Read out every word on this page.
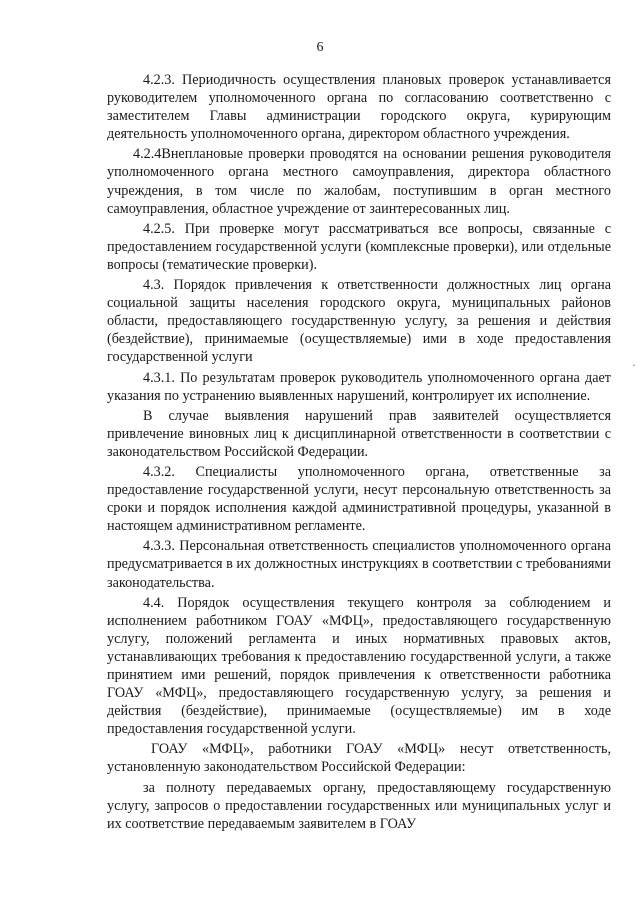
6

4.2.3. Периодичность осуществления плановых проверок устанавливается руководителем уполномоченного органа по согласованию соответственно с заместителем Главы администрации городского округа, курирующим деятельность уполномоченного органа, директором областного учреждения.

4.2.4Внеплановые проверки проводятся на основании решения руководителя уполномоченного органа местного самоуправления, директора областного учреждения, в том числе по жалобам, поступившим в орган местного самоуправления, областное учреждение от заинтересованных лиц.

4.2.5. При проверке могут рассматриваться все вопросы, связанные с предоставлением государственной услуги (комплексные проверки), или отдельные вопросы (тематические проверки).

4.3. Порядок привлечения к ответственности должностных лиц органа социальной защиты населения городского округа, муниципальных районов области, предоставляющего государственную услугу, за решения и действия (бездействие), принимаемые (осуществляемые) ими в ходе предоставления государственной услуги

4.3.1. По результатам проверок руководитель уполномоченного органа дает указания по устранению выявленных нарушений, контролирует их исполнение.

В случае выявления нарушений прав заявителей осуществляется привлечение виновных лиц к дисциплинарной ответственности в соответствии с законодательством Российской Федерации.

4.3.2. Специалисты уполномоченного органа, ответственные за предоставление государственной услуги, несут персональную ответственность за сроки и порядок исполнения каждой административной процедуры, указанной в настоящем административном регламенте.

4.3.3. Персональная ответственность специалистов уполномоченного органа предусматривается в их должностных инструкциях в соответствии с требованиями законодательства.

4.4. Порядок осуществления текущего контроля за соблюдением и исполнением работником ГОАУ «МФЦ», предоставляющего государственную услугу, положений регламента и иных нормативных правовых актов, устанавливающих требования к предоставлению государственной услуги, а также принятием ими решений, порядок привлечения к ответственности работника ГОАУ «МФЦ», предоставляющего государственную услугу, за решения и действия (бездействие), принимаемые (осуществляемые) им в ходе предоставления государственной услуги.

ГОАУ «МФЦ», работники ГОАУ «МФЦ» несут ответственность, установленную законодательством Российской Федерации:

за полноту передаваемых органу, предоставляющему государственную услугу, запросов о предоставлении государственных или муниципальных услуг и их соответствие передаваемым заявителем в ГОАУ

·
